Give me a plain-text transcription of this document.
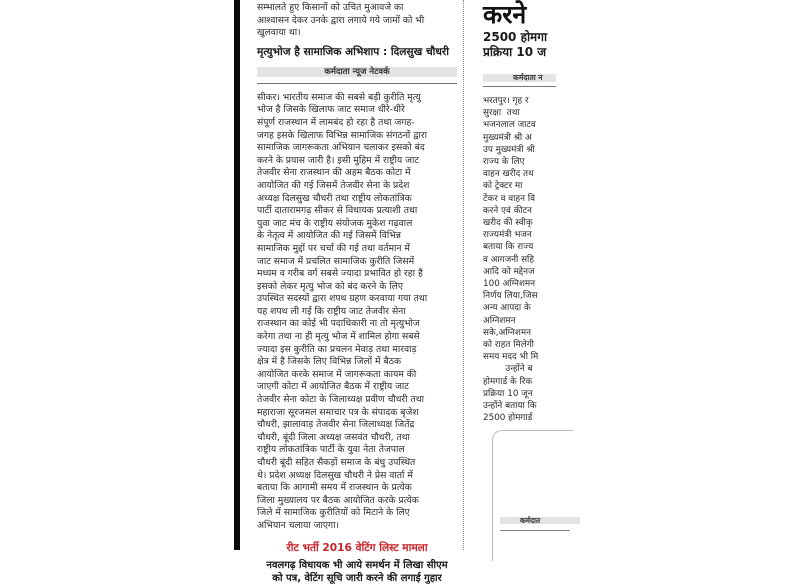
सम्भालते हुए किसानों को उचित मुआवजे का
आश्वासन देकर उनके द्वारा लगाये गये जामों को भी
खुलवाया था।
मृत्युभोज है सामाजिक अभिशाप : दिलसुख चौधरी
कर्मदाता न्यूज नेटवर्क
सीकर। भारतीय समाज की सबसे बड़ी कुरीति मृत्यु
भोज है जिसके खिलाफ जाट समाज धीरे-धीरे
संपूर्ण राजस्थान में लामबंद हो रहा है तथा जगह-
जगह इसके खिलाफ विभिन्न सामाजिक संगठनों द्वारा
सामाजिक जागरूकता अभियान चलाकर इसको बंद
करने के प्रयास जारी है। इसी मुहिम में राष्ट्रीय जाट
तेजवीर सेना राजस्थान की अहम बैठक कोटा में
आयोजित की गई जिसमें तेजवीर सेना के प्रदेश
अध्यक्ष दिलसुख चौधरी तथा राष्ट्रीय लोकतांत्रिक
पार्टी दातारामगढ़ सीकर से विधायक प्रत्याशी तथा
युवा जाट मंच के राष्ट्रीय संयोजक मुकेश गढ़वाल
के नेतृत्व में आयोजित की गई जिसमें विभिन्न
सामाजिक मुद्दों पर चर्चा की गई तथा वर्तमान में
जाट समाज में प्रचलित सामाजिक कुरीति जिसमें
मध्यम व गरीब वर्ग सबसे ज्यादा प्रभावित हो रहा है
इसको लेकर मृत्यु भोज को बंद करने के लिए
उपस्थित सदस्यों द्वारा शपथ ग्रहण करवाया गया तथा
यह शपथ ली गई कि राष्ट्रीय जाट तेजवीर सेना
राजस्थान का कोई भी पदाधिकारी ना तो मृत्युभोज
करेगा तथा ना ही मृत्यु भोज में शामिल होगा सबसे
ज्यादा इस कुरीति का प्रचलन मेवाड़ तथा मारवाड़
क्षेत्र में है जिसके लिए विभिन्न जिलों में बैठक
आयोजित करके समाज में जागरूकता कायम की
जाएगी कोटा में आयोजित बैठक में राष्ट्रीय जाट
तेजवीर सेना कोटा के जिलाध्यक्ष प्रवीण चौधरी तथा
महाराजा सूरजमल समाचार पत्र के संपादक बृजेश
चौधरी, झालावाड़ तेजवीर सेना जिलाध्यक्ष जितेंद्र
चौधरी, बूंदी जिला अध्यक्ष जसवंत चौधरी, तथा
राष्ट्रीय लोकतांत्रिक पार्टी के युवा नेता तेजपाल
चौधरी बूंदी सहित सैकड़ों समाज के बंधु उपस्थित
थे। प्रदेश अध्यक्ष दिलसुख चौधरी ने प्रेस वार्ता में
बताया कि आगामी समय में राजस्थान के प्रत्येक
जिला मुख्यालय पर बैठक आयोजित करके प्रत्येक
जिले में सामाजिक कुरीतियों को मिटाने के लिए
अभियान चलाया जाएगा।
रीट भर्ती 2016 वेटिंग लिस्ट मामला
नवलगढ़ विधायक भी आये समर्थन में लिखा सीएम
को पत्र, वेटिंग सूचि जारी करने की लगाई गुहार
करने
2500 होमगा
प्रक्रिया 10 ज
कर्मदाता न
भरतपुर। गृह र
सुरक्षा  तथा
भजनलाल जाटव
मुख्यमंत्री श्री अ
उप मुख्यमंत्री श्री
राज्य के लिए
वाहन खरीद तथ
को ट्रेक्टर मा
टेंकर व वाहन वि
करने एवं कीटन
खरीद की स्वीकृ
राज्यमंत्री भजन
बताया कि राज्य
व आगजनी सहि
आदि को मद्देनज
100 अग्निशमन
निर्णय लिया,जिस
अन्य आपदा के
अग्निशमन
सके,अग्निशमन
को राहत मिलेगी
समय मदद भी मि
उन्होंने ब
होमगार्ड के रिक
प्रक्रिया 10 जून
उन्होंने बताया कि
2500 होमगार्ड
कर्मदात
